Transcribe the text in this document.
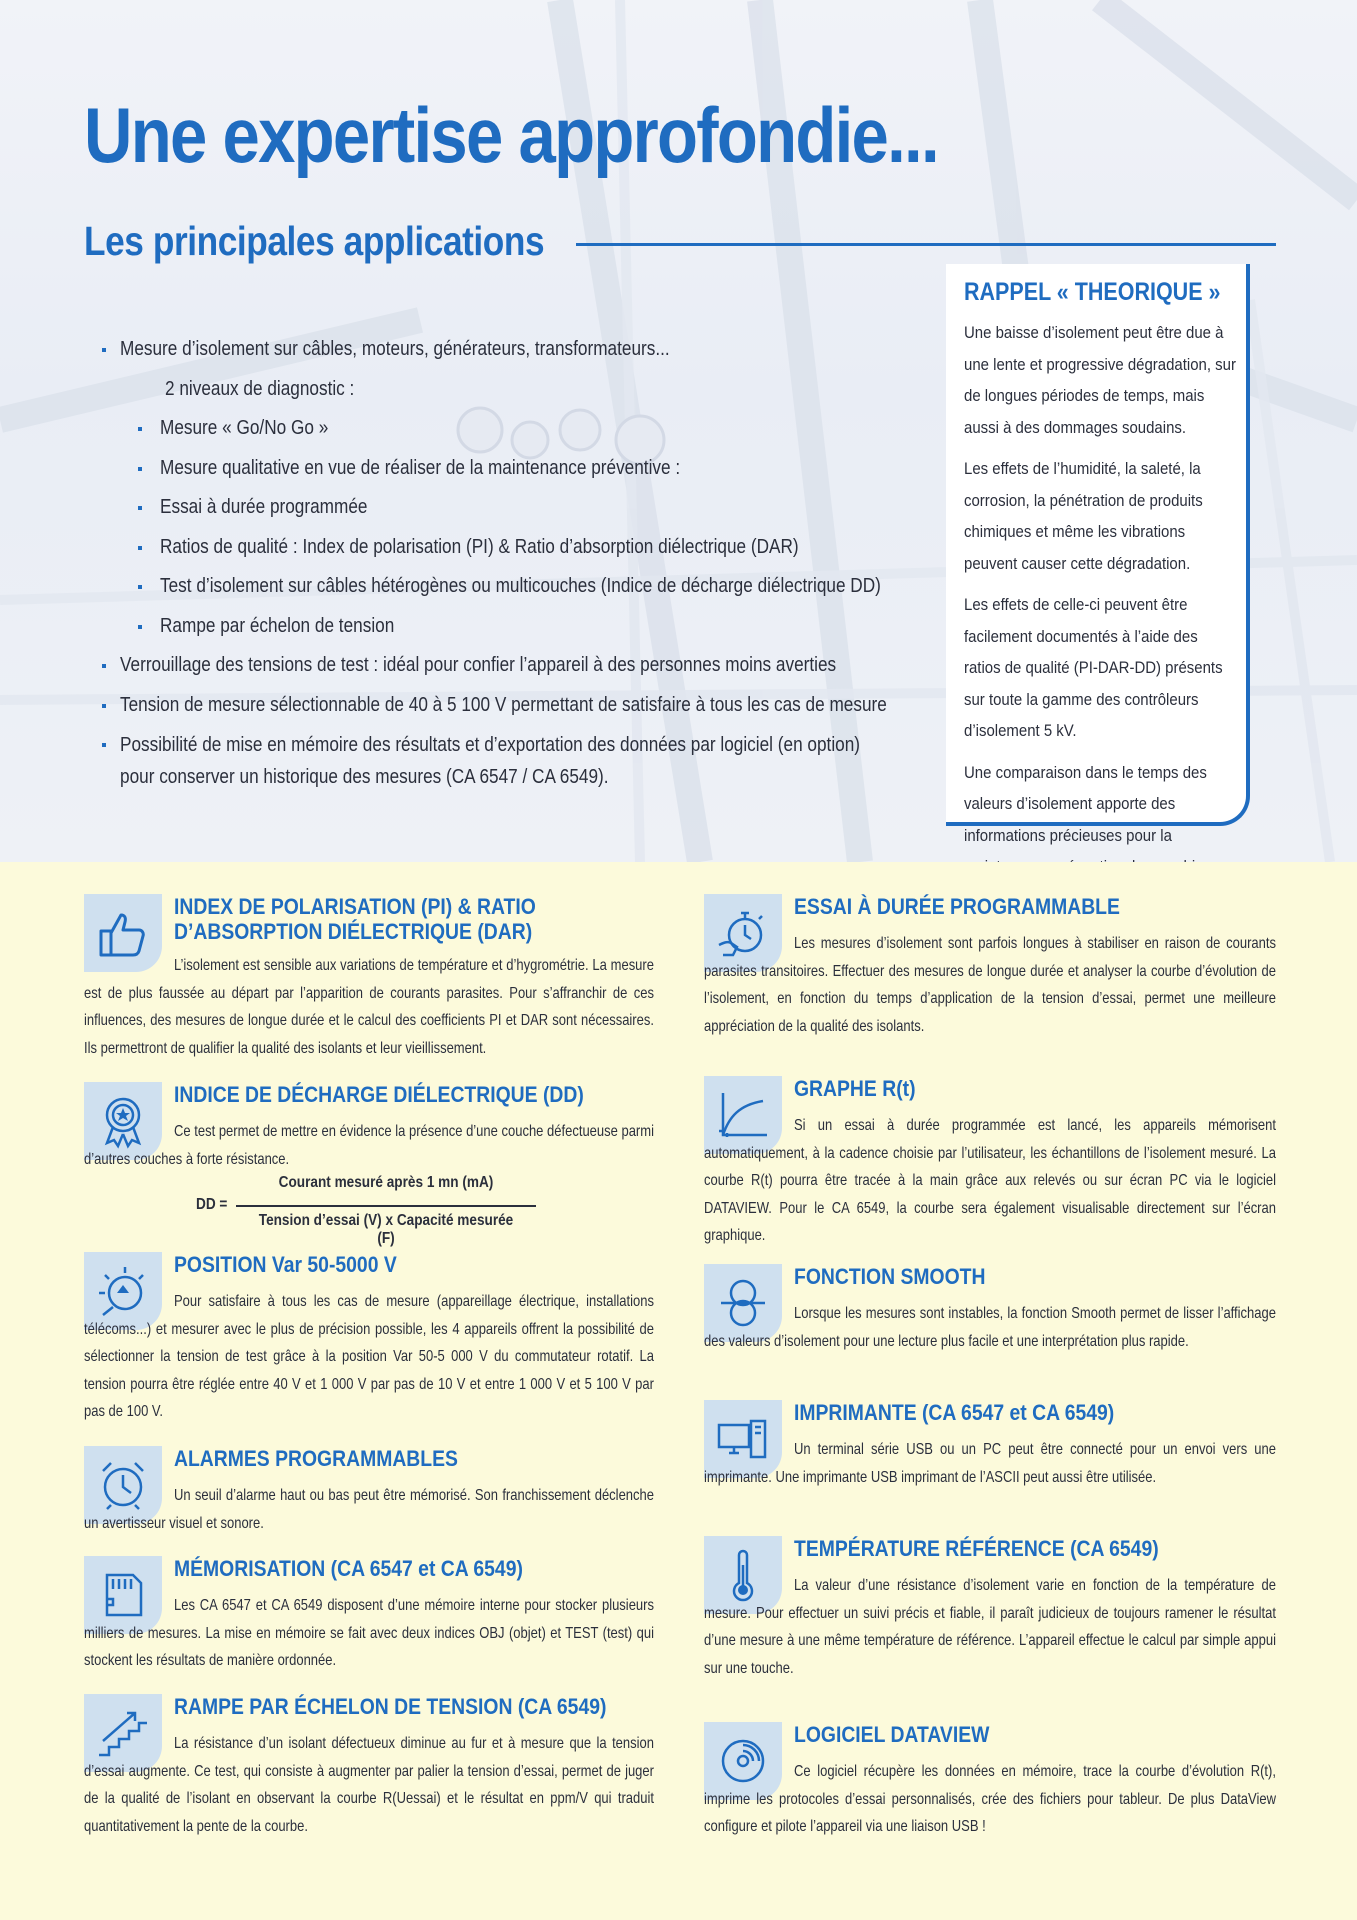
Une expertise approfondie...
Les principales applications
Mesure d’isolement sur câbles, moteurs, générateurs, transformateurs...
2 niveaux de diagnostic :
Mesure « Go/No Go »
Mesure qualitative en vue de réaliser de la maintenance préventive :
Essai à durée programmée
Ratios de qualité : Index de polarisation (PI) & Ratio d’absorption diélectrique (DAR)
Test d’isolement sur câbles hétérogènes ou multicouches (Indice de décharge diélectrique DD)
Rampe par échelon de tension
Verrouillage des tensions de test : idéal pour confier l’appareil à des personnes moins averties
Tension de mesure sélectionnable de 40 à 5 100 V permettant de satisfaire à tous les cas de mesure
Possibilité de mise en mémoire des résultats et d’exportation des données par logiciel (en option) pour conserver un historique des mesures (CA 6547 / CA 6549).
RAPPEL « THEORIQUE »

Une baisse d’isolement peut être due à une lente et progressive dégradation, sur de longues périodes de temps, mais aussi à des dommages soudains.

Les effets de l’humidité, la saleté, la corrosion, la pénétration de produits chimiques et même les vibrations peuvent causer cette dégradation.

Les effets de celle-ci peuvent être facilement documentés à l’aide des ratios de qualité (PI-DAR-DD) présents sur toute la gamme des contrôleurs d’isolement 5 kV.

Une comparaison dans le temps des valeurs d’isolement apporte des informations précieuses pour la

INDEX DE POLARISATION (PI) & RATIO
D’ABSORPTION DIÉLECTRIQUE (DAR)
L’isolement est sensible aux variations de température et d’hygrométrie. La mesure est de plus faussée au départ par l’apparition de courants parasites. Pour s’affranchir de ces influences, des mesures de longue durée et le calcul des coefficients PI et DAR sont nécessaires. Ils permettront de qualifier la qualité des isolants et leur vieillissement.
INDICE DE DÉCHARGE DIÉLECTRIQUE (DD)
Ce test permet de mettre en évidence la présence d’une couche défectueuse parmi d’autres couches à forte résistance.
DD =
Courant mesuré après 1 mn (mA)
Tension d’essai (V) x Capacité mesurée (F)
POSITION Var 50-5000 V
Pour satisfaire à tous les cas de mesure (appareillage électrique, installations télécoms...) et mesurer avec le plus de précision possible, les 4 appareils offrent la possibilité de sélectionner la tension de test grâce à la position Var 50-5 000 V du commutateur rotatif. La tension pourra être réglée entre 40 V et 1 000 V par pas de 10 V et entre 1 000 V et 5 100 V par pas de 100 V.
ALARMES PROGRAMMABLES
Un seuil d’alarme haut ou bas peut être mémorisé. Son franchissement déclenche un avertisseur visuel et sonore.
MÉMORISATION (CA 6547 et CA 6549)
Les CA 6547 et CA 6549 disposent d’une mémoire interne pour stocker plusieurs milliers de mesures. La mise en mémoire se fait avec deux indices OBJ (objet) et TEST (test) qui stockent les résultats de manière ordonnée.
RAMPE PAR ÉCHELON DE TENSION (CA 6549)
La résistance d’un isolant défectueux diminue au fur et à mesure que la tension d’essai augmente. Ce test, qui consiste à augmenter par palier la tension d’essai, permet de juger de la qualité de l’isolant en observant la courbe R(Uessai) et le résultat en ppm/V qui traduit quantitativement la pente de la courbe.
ESSAI À DURÉE PROGRAMMABLE
Les mesures d’isolement sont parfois longues à stabiliser en raison de courants parasites transitoires. Effectuer des mesures de longue durée et analyser la courbe d’évolution de l’isolement, en fonction du temps d’application de la tension d’essai, permet une meilleure appréciation de la qualité des isolants.
GRAPHE R(t)
Si un essai à durée programmée est lancé, les appareils mémorisent automatiquement, à la cadence choisie par l’utilisateur, les échantillons de l’isolement mesuré. La courbe R(t) pourra être tracée à la main grâce aux relevés ou sur écran PC via le logiciel DATAVIEW. Pour le CA 6549, la courbe sera également visualisable directement sur l’écran graphique.
FONCTION SMOOTH
Lorsque les mesures sont instables, la fonction Smooth permet de lisser l’affichage des valeurs d’isolement pour une lecture plus facile et une interprétation plus rapide.
IMPRIMANTE (CA 6547 et CA 6549)
Un terminal série USB ou un PC peut être connecté pour un envoi vers une imprimante. Une imprimante USB imprimant de l’ASCII peut aussi être utilisée.
TEMPÉRATURE RÉFÉRENCE (CA 6549)
La valeur d’une résistance d’isolement varie en fonction de la température de mesure. Pour effectuer un suivi précis et fiable, il paraît judicieux de toujours ramener le résultat d’une mesure à une même température de référence. L’appareil effectue le calcul par simple appui sur une touche.
LOGICIEL DATAVIEW
Ce logiciel récupère les données en mémoire, trace la courbe d’évolution R(t), imprime les protocoles d’essai personnalisés, crée des fichiers pour tableur. De plus DataView configure et pilote l’appareil via une liaison USB !
